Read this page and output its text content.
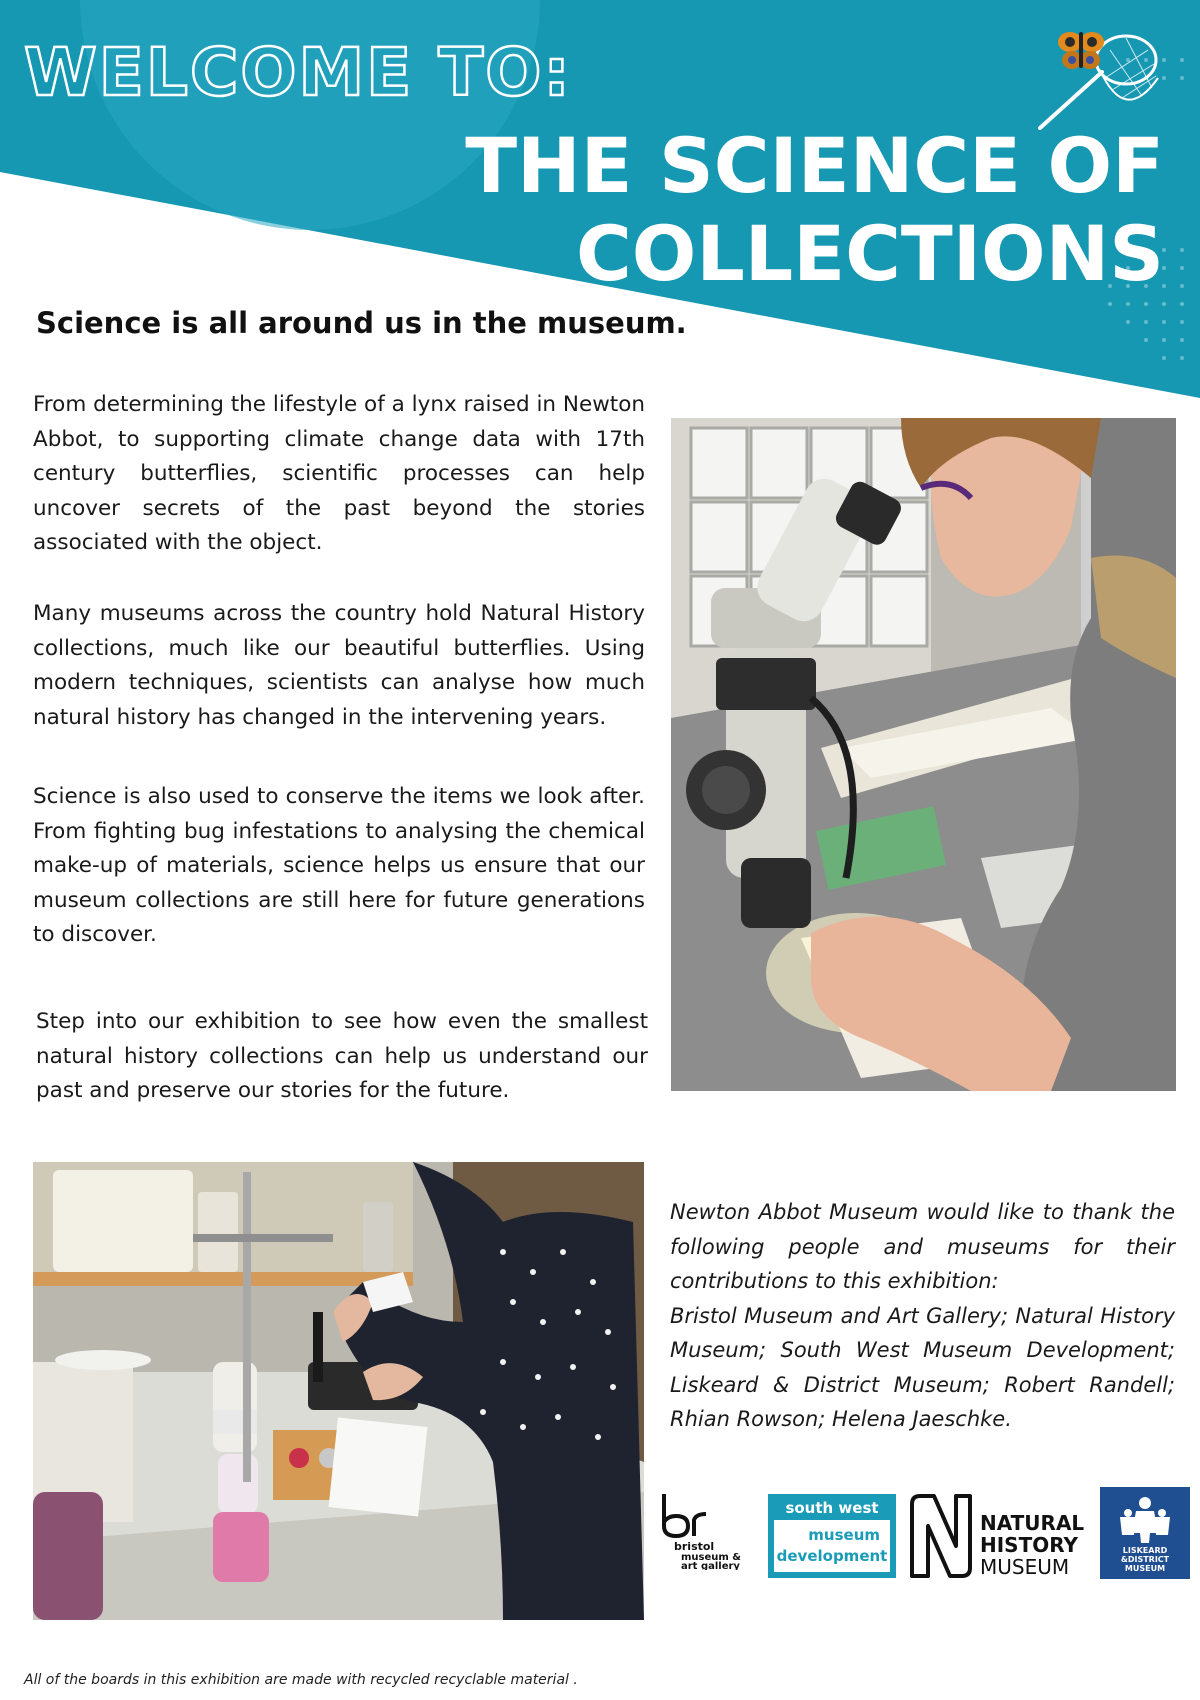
WELCOME TO:
THE SCIENCE OF
COLLECTIONS
Science is all around us in the museum.

From determining the lifestyle of a lynx raised in Newton Abbot, to supporting climate change data with 17th century butterflies, scientific processes can help uncover secrets of the past beyond the stories associated with the object.

Many museums across the country hold Natural History collections, much like our beautiful butterflies. Using modern techniques, scientists can analyse how much natural history has changed in the intervening years.

Science is also used to conserve the items we look after. From fighting bug infestations to analysing the chemical make-up of materials, science helps us ensure that our museum collections are still here for future generations to discover.

Step into our exhibition to see how even the smallest natural history collections can help us understand our past and preserve our stories for the future.

Newton Abbot Museum would like to thank the following people and museums for their contributions to this exhibition:

Bristol Museum and Art Gallery; Natural History Museum; South West Museum Development; Liskeard & District Museum; Robert Randell; Rhian Rowson; Helena Jaeschke.

bristol
museum &
art gallery
south west
museum
development
NATURAL
HISTORY
MUSEUM
LISKEARD
&DISTRICT
MUSEUM

All of the boards in this exhibition are made with recycled recyclable material .
